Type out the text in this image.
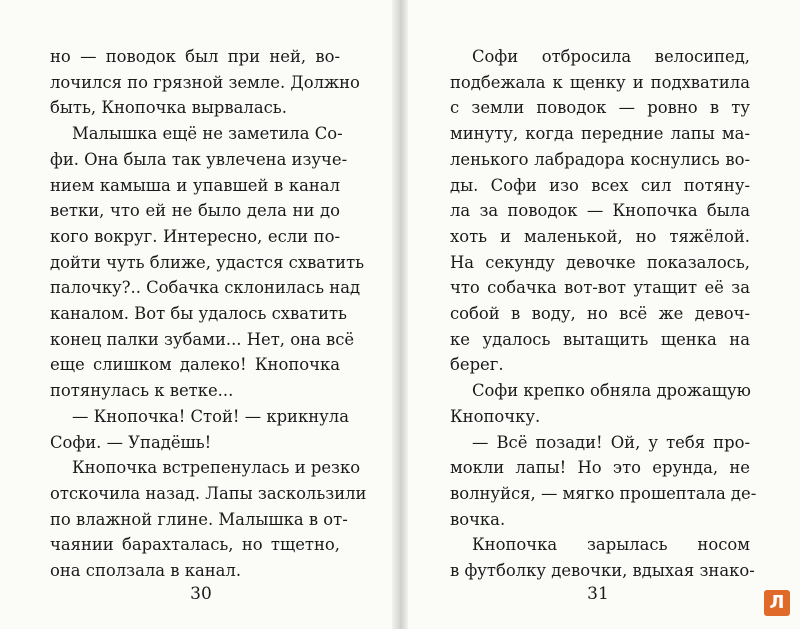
но — поводок был при ней, во-
лочился по грязной земле. Должно
быть, Кнопочка вырвалась.
Малышка ещё не заметила Со-
фи. Она была так увлечена изуче-
нием камыша и упавшей в канал
ветки, что ей не было дела ни до
кого вокруг. Интересно, если по-
дойти чуть ближе, удастся схватить
палочку?.. Собачка склонилась над
каналом. Вот бы удалось схватить
конец палки зубами... Нет, она всё
еще слишком далеко! Кнопочка
потянулась к ветке...
— Кнопочка! Стой! — крикнула
Софи. — Упадёшь!
Кнопочка встрепенулась и резко
отскочила назад. Лапы заскользили
по влажной глине. Малышка в от-
чаянии барахталась, но тщетно,
она сползала в канал.
30
Софи отбросила велосипед,
подбежала к щенку и подхватила
с земли поводок — ровно в ту
минуту, когда передние лапы ма-
ленького лабрадора коснулись во-
ды. Софи изо всех сил потяну-
ла за поводок — Кнопочка была
хоть и маленькой, но тяжёлой.
На секунду девочке показалось,
что собачка вот-вот утащит её за
собой в воду, но всё же девоч-
ке удалось вытащить щенка на
берег.
Софи крепко обняла дрожащую
Кнопочку.
— Всё позади! Ой, у тебя про-
мокли лапы! Но это ерунда, не
волнуйся, — мягко прошептала де-
вочка.
Кнопочка зарылась носом
в футболку девочки, вдыхая знако-
31	Л
